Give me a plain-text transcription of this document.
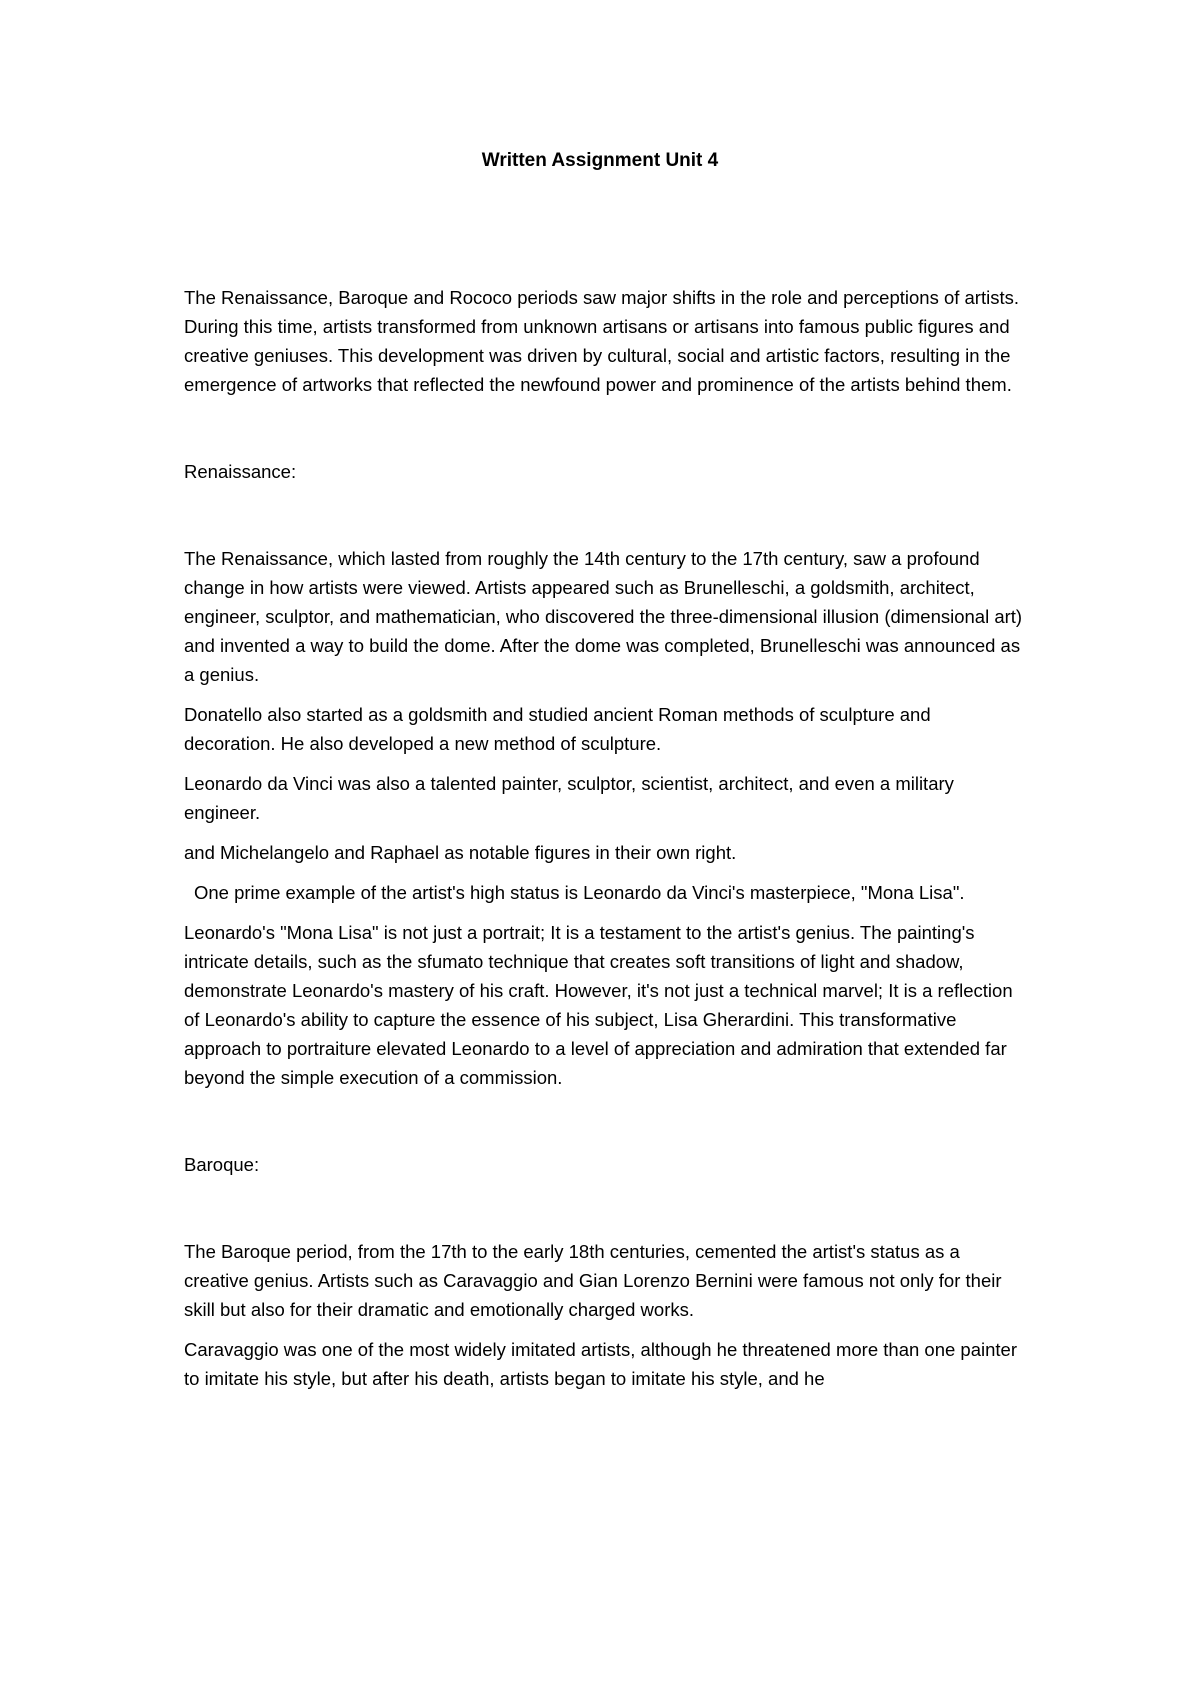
Written Assignment Unit 4

The Renaissance, Baroque and Rococo periods saw major shifts in the role and perceptions of artists. During this time, artists transformed from unknown artisans or artisans into famous public figures and creative geniuses. This development was driven by cultural, social and artistic factors, resulting in the emergence of artworks that reflected the newfound power and prominence of the artists behind them.

Renaissance:

The Renaissance, which lasted from roughly the 14th century to the 17th century, saw a profound change in how artists were viewed. Artists appeared such as Brunelleschi, a goldsmith, architect, engineer, sculptor, and mathematician, who discovered the three-dimensional illusion (dimensional art) and invented a way to build the dome. After the dome was completed, Brunelleschi was announced as a genius.

Donatello also started as a goldsmith and studied ancient Roman methods of sculpture and decoration. He also developed a new method of sculpture.

Leonardo da Vinci was also a talented painter, sculptor, scientist, architect, and even a military engineer.

and Michelangelo and Raphael as notable figures in their own right.

One prime example of the artist's high status is Leonardo da Vinci's masterpiece, "Mona Lisa".

Leonardo's "Mona Lisa" is not just a portrait; It is a testament to the artist's genius. The painting's intricate details, such as the sfumato technique that creates soft transitions of light and shadow, demonstrate Leonardo's mastery of his craft. However, it's not just a technical marvel; It is a reflection of Leonardo's ability to capture the essence of his subject, Lisa Gherardini. This transformative approach to portraiture elevated Leonardo to a level of appreciation and admiration that extended far beyond the simple execution of a commission.

Baroque:

The Baroque period, from the 17th to the early 18th centuries, cemented the artist's status as a creative genius. Artists such as Caravaggio and Gian Lorenzo Bernini were famous not only for their skill but also for their dramatic and emotionally charged works.

Caravaggio was one of the most widely imitated artists, although he threatened more than one painter to imitate his style, but after his death, artists began to imitate his style, and he
